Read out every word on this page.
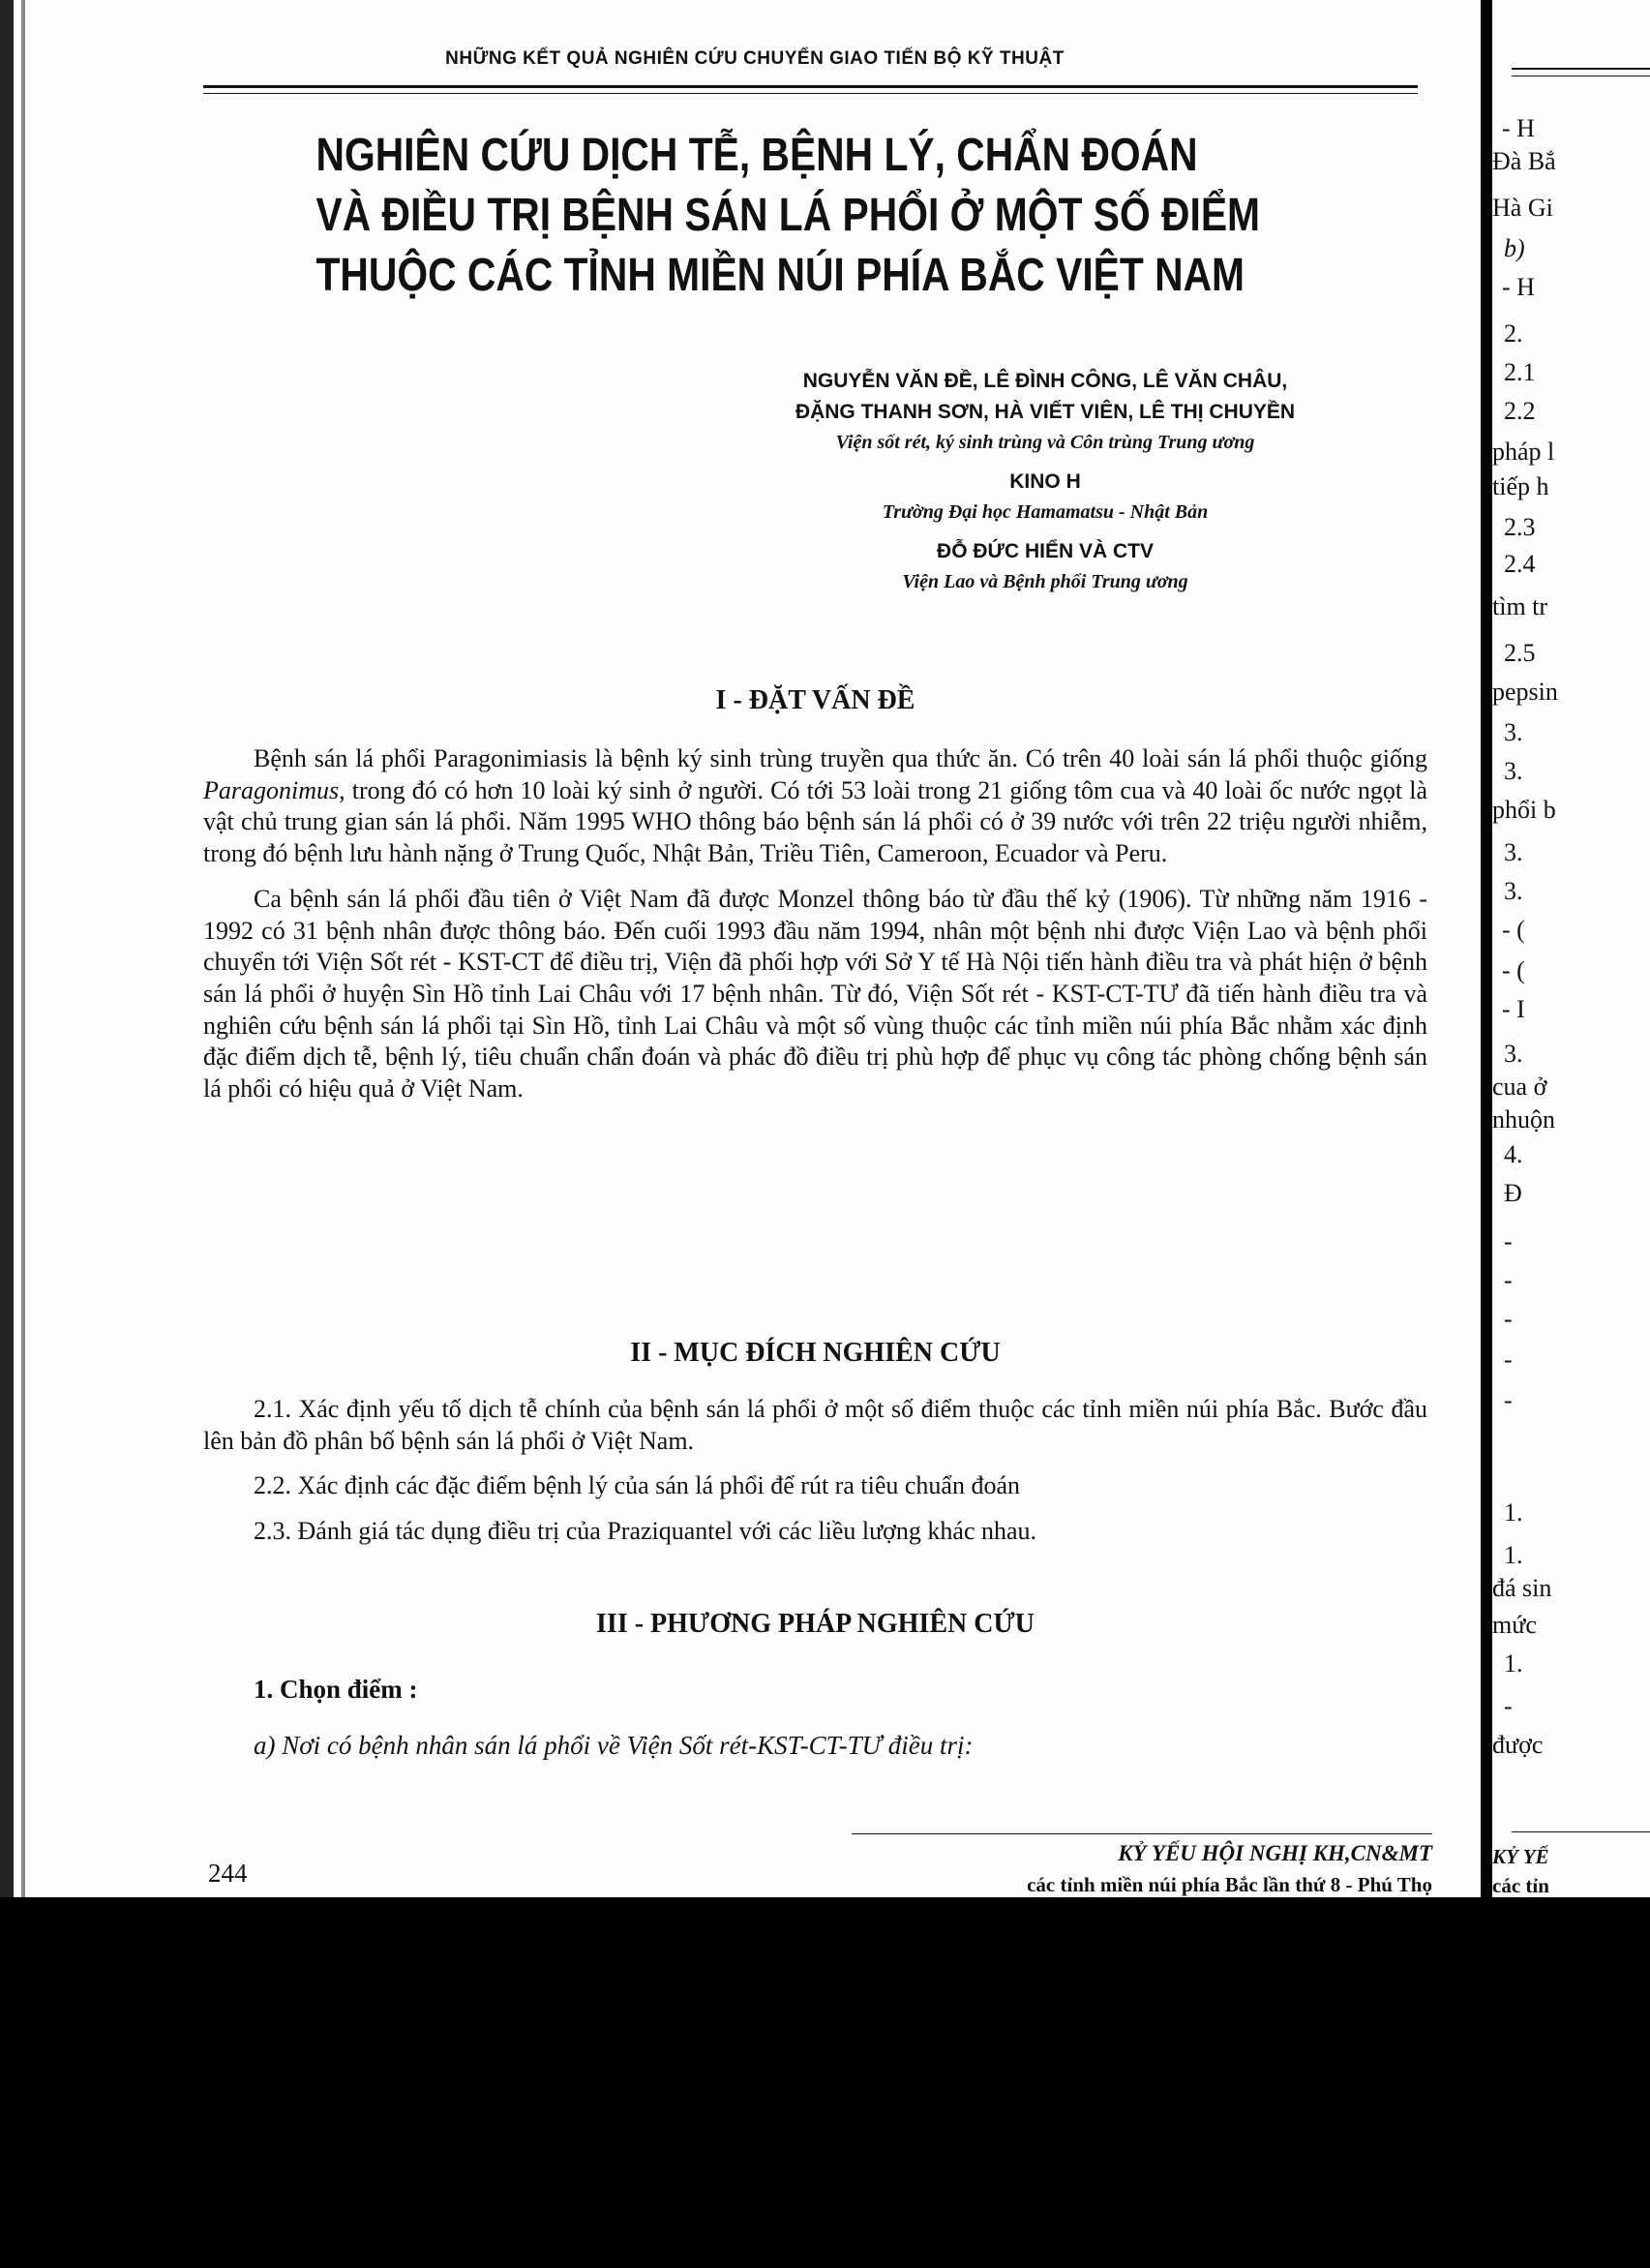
NHỮNG KẾT QUẢ NGHIÊN CỨU CHUYỂN GIAO TIẾN BỘ KỸ THUẬT
NGHIÊN CỨU DỊCH TỄ, BỆNH LÝ, CHẨN ĐOÁN
VÀ ĐIỀU TRỊ BỆNH SÁN LÁ PHỔI Ở MỘT SỐ ĐIỂM
THUỘC CÁC TỈNH MIỀN NÚI PHÍA BẮC VIỆT NAM
NGUYỄN VĂN ĐỀ, LÊ ĐÌNH CÔNG, LÊ VĂN CHÂU,
ĐẶNG THANH SƠN, HÀ VIẾT VIÊN, LÊ THỊ CHUYỀN
Viện sốt rét, ký sinh trùng và Côn trùng Trung ương
KINO H
Trường Đại học Hamamatsu - Nhật Bản
ĐỖ ĐỨC HIỂN VÀ CTV
Viện Lao và Bệnh phổi Trung ương
I - ĐẶT VẤN ĐỀ

Bệnh sán lá phổi Paragonimiasis là bệnh ký sinh trùng truyền qua thức ăn. Có trên 40 loài sán lá phổi thuộc giống Paragonimus, trong đó có hơn 10 loài ký sinh ở người. Có tới 53 loài trong 21 giống tôm cua và 40 loài ốc nước ngọt là vật chủ trung gian sán lá phổi. Năm 1995 WHO thông báo bệnh sán lá phổi có ở 39 nước với trên 22 triệu người nhiễm, trong đó bệnh lưu hành nặng ở Trung Quốc, Nhật Bản, Triều Tiên, Cameroon, Ecuador và Peru.

Ca bệnh sán lá phổi đầu tiên ở Việt Nam đã được Monzel thông báo từ đầu thế kỷ (1906). Từ những năm 1916 - 1992 có 31 bệnh nhân được thông báo. Đến cuối 1993 đầu năm 1994, nhân một bệnh nhi được Viện Lao và bệnh phổi chuyển tới Viện Sốt rét - KST-CT để điều trị, Viện đã phối hợp với Sở Y tế Hà Nội tiến hành điều tra và phát hiện ở bệnh sán lá phổi ở huyện Sìn Hồ tỉnh Lai Châu với 17 bệnh nhân. Từ đó, Viện Sốt rét - KST-CT-TƯ đã tiến hành điều tra và nghiên cứu bệnh sán lá phổi tại Sìn Hồ, tỉnh Lai Châu và một số vùng thuộc các tỉnh miền núi phía Bắc nhằm xác định đặc điểm dịch tễ, bệnh lý, tiêu chuẩn chẩn đoán và phác đồ điều trị phù hợp để phục vụ công tác phòng chống bệnh sán lá phổi có hiệu quả ở Việt Nam.

II - MỤC ĐÍCH NGHIÊN CỨU

2.1. Xác định yếu tố dịch tễ chính của bệnh sán lá phổi ở một số điểm thuộc các tỉnh miền núi phía Bắc. Bước đầu lên bản đồ phân bố bệnh sán lá phổi ở Việt Nam.

2.2. Xác định các đặc điểm bệnh lý của sán lá phổi để rút ra tiêu chuẩn đoán

2.3. Đánh giá tác dụng điều trị của Praziquantel với các liều lượng khác nhau.

III - PHƯƠNG PHÁP NGHIÊN CỨU
1. Chọn điểm :
a) Nơi có bệnh nhân sán lá phổi về Viện Sốt rét-KST-CT-TƯ điều trị:
KỶ YẾU HỘI NGHỊ KH,CN&MT
các tỉnh miền núi phía Bắc lần thứ 8 - Phú Thọ
244
- H
Đà Bắ
Hà Gi
b)
- H
2.
2.1
2.2
pháp l
tiếp h
2.3
2.4
tìm tr
2.5
pepsin
3.
3.
phổi b
3.
3.
- (
- (
- I
3.
cua ở
nhuộn
4.
Đ
-
-
-
-
-
1.
1.
đá sin
mức
1.
-
được
KỶ YẾ
các tỉn
